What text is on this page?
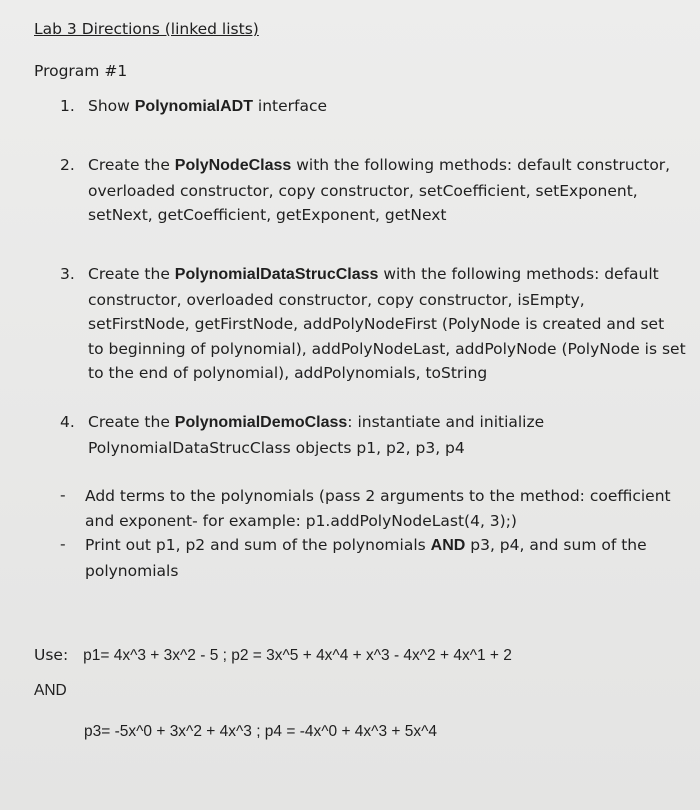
Lab 3 Directions (linked lists)
Program #1
1. Show PolynomialADT interface
2. Create the PolyNodeClass with the following methods: default constructor,
overloaded constructor, copy constructor, setCoefficient, setExponent,
setNext, getCoefficient, getExponent, getNext
3. Create the PolynomialDataStrucClass with the following methods: default
constructor, overloaded constructor, copy constructor, isEmpty,
setFirstNode, getFirstNode, addPolyNodeFirst (PolyNode is created and set
to beginning of polynomial), addPolyNodeLast, addPolyNode (PolyNode is set
to the end of polynomial), addPolynomials, toString
4. Create the PolynomialDemoClass: instantiate and initialize
PolynomialDataStrucClass objects p1, p2, p3, p4
- Add terms to the polynomials (pass 2 arguments to the method: coefficient
and exponent- for example: p1.addPolyNodeLast(4, 3);)
- Print out p1, p2 and sum of the polynomials AND p3, p4, and sum of the
polynomials
Use: p1= 4x^3 + 3x^2 - 5 ; p2 = 3x^5 + 4x^4 + x^3 - 4x^2 + 4x^1 + 2
AND
p3= -5x^0 + 3x^2 + 4x^3 ; p4 = -4x^0 + 4x^3 + 5x^4
